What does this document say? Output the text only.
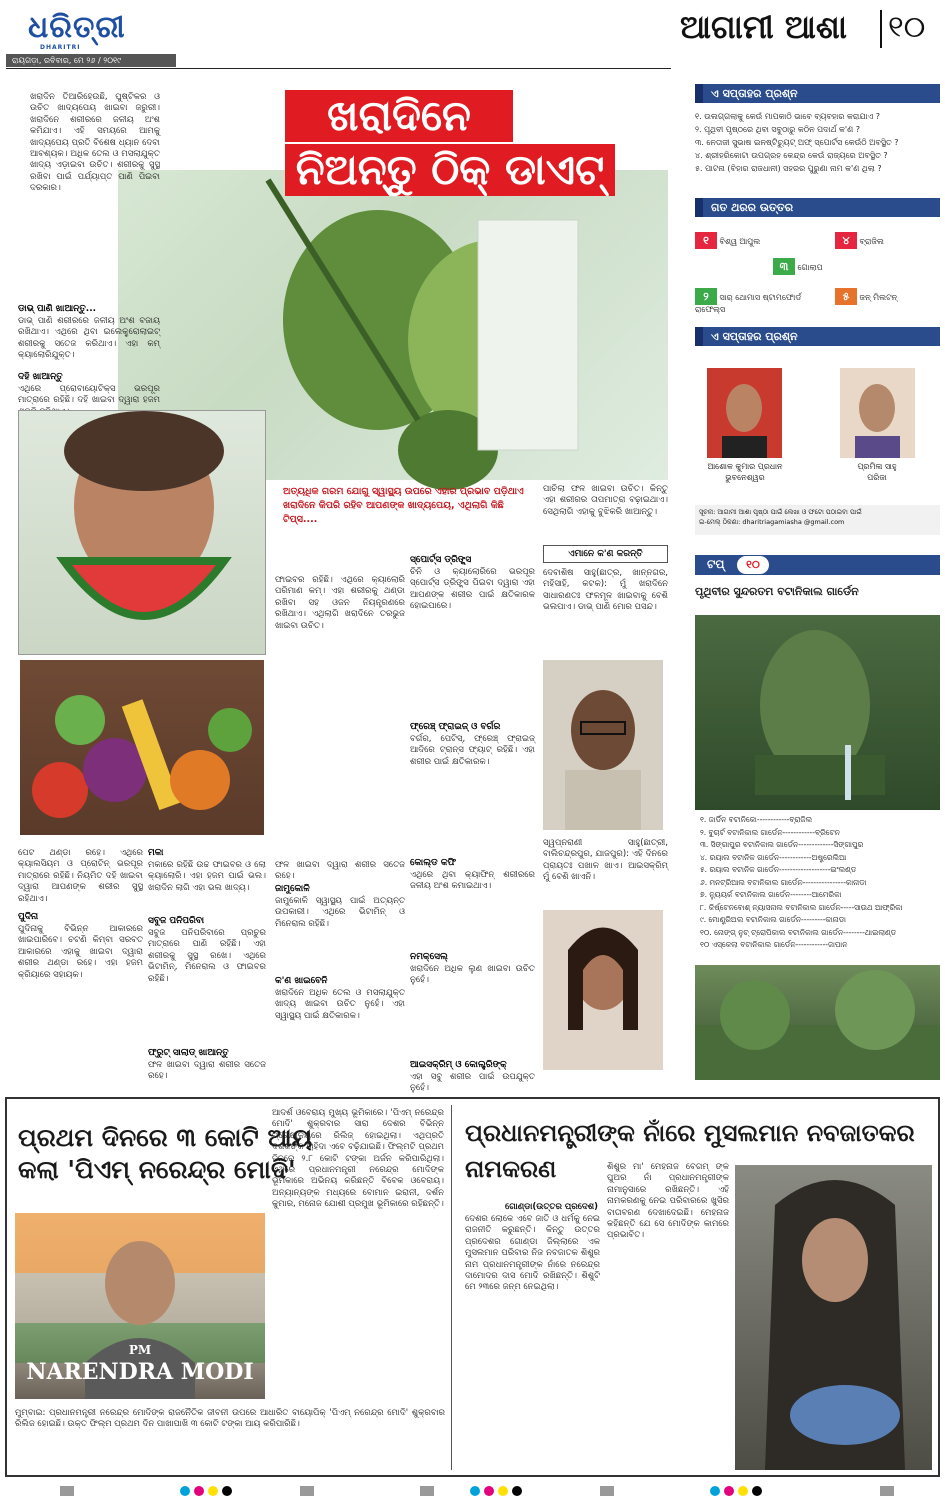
ଧରିତ୍ରୀ
DHARITRI
ରାୟଗଡ଼ା, ରବିବାର, ମେ ୨୬ / ୨୦୧୯
ଆଗାମୀ ଆଶା ୧୦
ଖରାଦିନେ
ନିଅନ୍ତୁ ଠିକ୍ ଡାଏଟ୍
ଖରାଦିନ ତିଆରିହେଉଛି, ପୁଷ୍ଟିକର ଓ ଉଚିତ ଖାଦ୍ୟପେୟ ଖାଇବା ଜରୁରୀ। ଖରାଦିନେ ଶରୀରରେ ଜଳୀୟ ଅଂଶ କମିଯାଏ। ଏହି ସମୟରେ ଆମକୁ ଖାଦ୍ୟପେୟ ପ୍ରତି ବିଶେଷ ଧ୍ୟାନ ଦେବା ଆବଶ୍ୟକ। ଅଧିକ ତେଲ ଓ ମସଲାଯୁକ୍ତ ଖାଦ୍ୟ ଏଡ଼ାଇବା ଉଚିତ। ଶରୀରକୁ ସୁସ୍ଥ ରଖିବା ପାଇଁ ପର୍ଯ୍ୟାପ୍ତ ପାଣି ପିଇବା ଦରକାର।
ଡାଭ୍ ପାଣି ଖାଆନ୍ତୁ...
ଡାଭ୍ ପାଣି ଶରୀରରେ ଜଳୀୟ ଅଂଶ ବଜାୟ ରଖିଥାଏ। ଏଥିରେ ଥିବା ଇଲେକ୍ଟ୍ରୋଲାଇଟ୍ ଶରୀରକୁ ସତେଜ କରିଥାଏ। ଏହା କମ୍ କ୍ୟାଲୋରିଯୁକ୍ତ।
ଦହି ଖାଆନ୍ତୁ
ଏଥିରେ ପ୍ରୋବାୟୋଟିକ୍ସ ଭରପୂର ମାତ୍ରାରେ ରହିଛି। ଦହି ଖାଇବା ଦ୍ୱାରା ହଜମ
ଅତ୍ୟଧିକ ଗରମ ଯୋଗୁ ସ୍ୱାସ୍ଥ୍ୟ ଉପରେ ଏହାର ପ୍ରଭାବ ପଡ଼ିଥାଏ ଖରାଦିନେ କିପରି ରହିବ ଆପଣଙ୍କ ଖାଦ୍ୟପେୟ, ଏଥିଲାଗି କିଛି ଟିପ୍ସ....
ପେଟ ଥଣ୍ଡା ରହେ। ଏଥିରେ କ୍ୟାଲସିୟମ ଓ ପ୍ରୋଟିନ୍ ଭରପୂର ମାତ୍ରାରେ ରହିଛି। ନିୟମିତ ଦହି ଖାଇବା ଦ୍ୱାରା ଆପଣଙ୍କ ଶରୀର ସୁସ୍ଥ ରହିଥାଏ।
ପୁଦିନା
ପୁଦିନାକୁ ବିଭିନ୍ନ ଆକାରରେ ଖାଇପାରିବେ। ଚଟଣି କିମ୍ବା ସରବତ ଆକାରରେ ଏହାକୁ ଖାଇବା ଦ୍ୱାରା ଶରୀର ଥଣ୍ଡା ରହେ। ଏହା ହଜମ କ୍ରିୟାରେ ସହାୟକ।
ମକା
ମକାରେ ରହିଛି ଉଚ୍ଚ ଫାଇବର ଓ ଲୋ କ୍ୟାଲୋରି। ଏହା ହଜମ ପାଇଁ ଭଲ। ଖରାଦିନ ଲାଗି ଏହା ଭଲ ଖାଦ୍ୟ।
ସବୁଜ ପନିପରିବା
ସବୁଜ ପନିପରିବାରେ ପ୍ରଚୁର ମାତ୍ରାରେ ପାଣି ରହିଛି। ଏହା ଶରୀରକୁ ସୁସ୍ଥ ରଖେ। ଏଥିରେ ଭିଟାମିନ୍, ମିନେରାଲ ଓ ଫାଇବର ରହିଛି।
ଫ୍ରୁଟ୍ ସାଲାଡ୍ ଖାଆନ୍ତୁ
ଫଳ ଖାଇବା ଦ୍ୱାରା ଶରୀର ସତେଜ ରହେ।
ଫାଇବର ରହିଛି। ଏଥିରେ କ୍ୟାଲୋରି ପରିମାଣ କମ୍। ଏହା ଶରୀରକୁ ଥଣ୍ଡା ରଖିବା ସହ ଓଜନ ନିୟନ୍ତ୍ରଣରେ ରଖିଥାଏ। ଏଥିଲାଗି ଖରାଦିନେ ତରଭୁଜ ଖାଇବା ଉଚିତ।
ଫଳ ଖାଇବା ଦ୍ୱାରା ଶରୀର ସତେଜ ରହେ।
ଜାମୁକୋଳି
ଜାମୁକୋଳି ସ୍ୱାସ୍ଥ୍ୟ ପାଇଁ ଅତ୍ୟନ୍ତ ଉପକାରୀ। ଏଥିରେ ଭିଟାମିନ୍ ଓ ମିନେରାଲ ରହିଛି।
କ'ଣ ଖାଇବେନି
ଖରାଦିନେ ଅଧିକ ତେଲ ଓ ମସଲାଯୁକ୍ତ ଖାଦ୍ୟ ଖାଇବା ଉଚିତ ନୁହେଁ। ଏହା ସ୍ୱାସ୍ଥ୍ୟ ପାଇଁ କ୍ଷତିକାରକ।
ସ୍ପୋର୍ଟ୍ସ ଡ୍ରିଙ୍କ୍ସ
ଚିନି ଓ କ୍ୟାଲୋରିରେ ଭରପୂର ସ୍ପୋର୍ଟ୍ସ ଡ୍ରିଙ୍କ୍ସ ପିଇବା ଦ୍ୱାରା ଏହା ଆପଣଙ୍କ ଶରୀର ପାଇଁ କ୍ଷତିକାରକ ହୋଇପାରେ।
ଫ୍ରେଞ୍ଚ୍ ଫ୍ରାଇଜ୍ ଓ ବର୍ଗର
ବର୍ଗର, ପେଟିସ୍, ଫ୍ରେଞ୍ଚ୍ ଫ୍ରାଇଜ୍ ଆଦିରେ ଟ୍ରାନ୍ସ ଫ୍ୟାଟ୍ ରହିଛି। ଏହା ଶରୀର ପାଇଁ କ୍ଷତିକାରକ।
କୋଲ୍ଡ କଫି
ଏଥିରେ ଥିବା କ୍ୟାଫିନ୍ ଶରୀରରେ ଜଳୀୟ ଅଂଶ କମାଇଥାଏ।
ନମକ୍‌ସେଲ୍
ଖରାଦିନେ ଅଧିକ ଲୁଣ ଖାଇବା ଉଚିତ ନୁହେଁ।
ଆଇସକ୍ରିମ୍ ଓ କୋଲ୍ଡ୍ରିଙ୍କ୍
ଏହା ସବୁ ଶରୀର ପାଇଁ ଉପଯୁକ୍ତ ନୁହେଁ।
ପାଚିଲା ଫଳ ଖାଇବା ଉଚିତ। କିନ୍ତୁ ଏହା ଶରୀରର ତାପମାତ୍ରା ବଢ଼ାଇଥାଏ। ସେଥିଲାଗି ଏହାକୁ ବୁଝିକରି ଖାଆନ୍ତୁ।
ଏମାନେ କ'ଣ କରନ୍ତି
ଦେବାଶିଷ ସାହୁ(ଛାତ୍ର, ଖାନ୍ନଗର, ମହିସାହି, କଟକ): ମୁଁ ଖରାଦିନେ ସାଧାରଣତଃ ଫଳମୂଳ ଖାଇବାକୁ ବେଶି ଭଲପାଏ। ଡାଭ୍ ପାଣି ମୋର ପସନ୍ଦ।
ସ୍ୱପ୍ନରାଣୀ ସାହୁ(ଛାତ୍ରୀ, ବାଲିଚନ୍ଦ୍ରପୁର, ଯାଜପୁର): ଏହି ଦିନରେ ପ୍ରାୟତଃ ପଖାଳ ଖାଏ। ଆଇସକ୍ରିମ୍ ମୁଁ ବେଶି ଖାଏନି।
ଏ ସପ୍ତାହର ପ୍ରଶ୍ନ
୧. ଉଲଗ୍ଗଲାକୁ କେଉଁ ମାପକାଠି ଭାବେ ବ୍ୟବହାର କରାଯାଏ ?
୨. ପୃଥିବୀ ପୃଷ୍ଠରେ ଥିବା ସବୁଠାରୁ କଠିନ ପଦାର୍ଥ କ'ଣ ?
୩. ନେତାଜୀ ସୁଭାଷ ଇନଷ୍ଟିଚ୍ୟୁଟ୍ ଅଫ୍ ସ୍ପୋର୍ଟସ କେଉଁଠି ଅବସ୍ଥିତ ?
୪. ଶ୍ରୀହରିକୋଟା ଉପଗ୍ରହ କେନ୍ଦ୍ର କେଉଁ ରାଜ୍ୟରେ ଅବସ୍ଥିତ ?
୫. ପାଟନା (ବିହାର ରାଜଧାନୀ) ସହରର ପୁରୁଣା ନାମ କ'ଣ ଥିଲା ?
ଗତ ଥରର ଉତ୍ତର
୧ ବିଶ୍ୱ ଆପୁଲ	୪ ବ୍ରାଜିଲ
୩ ଗୋଲାପ
୨ ସାର୍ ଥୋମାସ ଷ୍ଟାମଫୋର୍ଡ ରାଫେଲ୍ସ
୫ ଜନ୍ ମିଲଟନ୍
ଏ ସପ୍ତାହର ପ୍ରଶ୍ନ
ଆଶୋକ କୁମାର ପ୍ରଧାନ
ଭୁବନେଶ୍ୱର
ପ୍ରମିଳା ସାହୁ
ପରିଜା
ସୂଚନା: ଆଗାମୀ ଆଶା ପୃଷ୍ଠା ପାଇଁ ଲେଖା ଓ ଫଟୋ ପଠାଇବା ପାଇଁ
ଇ-ମେଲ୍ ଠିକଣା: dharitriagamiasha @gmail.com
ଟପ୍	୧୦
ପୃଥିବୀର ସୁନ୍ଦରତମ ବଟାନିକାଲ ଗାର୍ଡେନ
୧. ଜାର୍ଡିନ ବଟାନିକୋ------------ବ୍ରାଜିଲ
୨. ବୁଚାର୍ଟ ବଟାନିକାଲ ଗାର୍ଡେନ------------ବ୍ରିଟେନ
୩. ସିଙ୍ଗାପୁର ବଟାନିକାଲ ଗାର୍ଡେନ-------------ସିଙ୍ଗାପୁର
୪. ରୟାଲ ବଟାନିକ ଗାର୍ଡେନ------------ଅଷ୍ଟ୍ରେଲିଆ
୫. ରୟାଲ ବଟାନିକ ଗାର୍ଡେନ-------------------ଇଂଲଣ୍ଡ
୬. ମନଟ୍ରିଆଲ ବଟାନିକାଲ ଗାର୍ଡେନ----------------କାନାଡା
୭. ନ୍ୟୁୟର୍କ ବଟାନିକାଲ ଗାର୍ଡେନ--------ଆମେରିକା
୮. କିର୍ଷ୍ଟେନବୋଶ୍ ନ୍ୟାସନାଲ ବଟାନିକାଲ ଗାର୍ଡେନ-----ସାଉଥ ଆଫ୍ରିକା
୯. ମୋଣ୍ଟ୍ରିଅଲ ବଟାନିକାଲ ଗାର୍ଡେନ---------କାନାଡା
୧୦. ନୋଙ୍ଗ୍ ନୁଚ୍ ଟ୍ରୋପିକାଲ ବଟାନିକାଲ ଗାର୍ଡେନ--------ଥାଇଲାଣ୍ଡ
୧୦ ଏସ୍କେଲା ବଟାନିକାଲ ଗାର୍ଡେନ------------ଜାପାନ
ପ୍ରଥମ ଦିନରେ ୩ କୋଟି ଆୟ
କଲା 'ପିଏମ୍ ନରେନ୍ଦ୍ର ମୋଦି'
PM
NARENDRA MODI
ଆଦର୍ଶ ଓବେରାୟ ମୁଖ୍ୟ ଭୂମିକାରେ। 'ପିଏମ୍ ନରେନ୍ଦ୍ର ମୋଦି' ଶୁକ୍ରବାର ସାରା ଦେଶର ବିଭିନ୍ନ ପ୍ରେକ୍ଷାଳୟରେ ରିଲିଜ୍ ହୋଇଥିଲା। ଏଥିପ୍ରତି ଦର୍ଶକଙ୍କ ଚାହିଦା ଏବେ ବଢ଼ିଯାଇଛି। ଫିଲ୍ମଟି ପ୍ରଥମ ଦିନରେ ୨.୮ କୋଟି ଟଙ୍କା ଅର୍ଜନ କରିପାରିଥିଲା। ଏଥିରେ ପ୍ରଧାନମନ୍ତ୍ରୀ ନରେନ୍ଦ୍ର ମୋଦିଙ୍କ ଭୂମିକାରେ ଅଭିନୟ କରିଛନ୍ତି ବିବେକ ଓବେରାୟ। ଅନ୍ୟାନ୍ୟଙ୍କ ମଧ୍ୟରେ ବୋମାନ ଇରାନୀ, ଦର୍ଶନ କୁମାର, ମନୋଜ ଯୋଶୀ ପ୍ରମୁଖ ଭୂମିକାରେ ରହିଛନ୍ତି।
ମୁମ୍ବାଇ: ପ୍ରଧାନମନ୍ତ୍ରୀ ନରେନ୍ଦ୍ର ମୋଦିଙ୍କ ରାଜନୈତିକ ଜୀବନୀ ଉପରେ ଆଧାରିତ ବାୟୋପିକ୍ 'ପିଏମ୍ ନରେନ୍ଦ୍ର ମୋଦି' ଶୁକ୍ରବାର ରିଲିଜ ହୋଇଛି। ଉକ୍ତ ଫିଲ୍ମ ପ୍ରଥମ ଦିନ ପାଖାପାଖି ୩ କୋଟି ଟଙ୍କା ଆୟ କରିପାରିଛି।
ପ୍ରଧାନମନ୍ତ୍ରୀଙ୍କ ନାଁରେ ମୁସଲମାନ ନବଜାତକର
ନାମକରଣ
ଗୋଣ୍ଡା(ଉତ୍ତର ପ୍ରଦେଶ)
ଦେଶର ଲୋକେ ଏବେ ଜାତି ଓ ଧର୍ମକୁ ନେଇ ରାଜନୀତି କରୁଛନ୍ତି। କିନ୍ତୁ ଉତ୍ତର ପ୍ରଦେଶର ଗୋଣ୍ଡା ଜିଲ୍ଲାରେ ଏକ ମୁସଲମାନ ପରିବାର ନିଜ ନବଜାତକ ଶିଶୁର ନାମ ପ୍ରଧାନମନ୍ତ୍ରୀଙ୍କ ନାଁରେ ନରେନ୍ଦ୍ର ଦାମୋଦର ଦାସ ମୋଦି ରଖିଛନ୍ତି। ଶିଶୁଟି ମେ ୨୩ରେ ଜନ୍ମ ନେଇଥିଲା।
ଶିଶୁର ମା' ମେହନାଜ ବେଗମ୍ ଙ୍କ ପୁଅର ନାଁ ପ୍ରଧାନମନ୍ତ୍ରୀଙ୍କ ନାମାନୁସାରେ ରଖିଛନ୍ତି। ଏହି ନାମକରଣକୁ ନେଇ ପରିବାରରେ ଖୁସିର ବାତାବରଣ ଦେଖାଦେଇଛି। ମେହନାଜ କହିଛନ୍ତି ଯେ ସେ ମୋଦିଙ୍କ କାମରେ ପ୍ରଭାବିତ।
